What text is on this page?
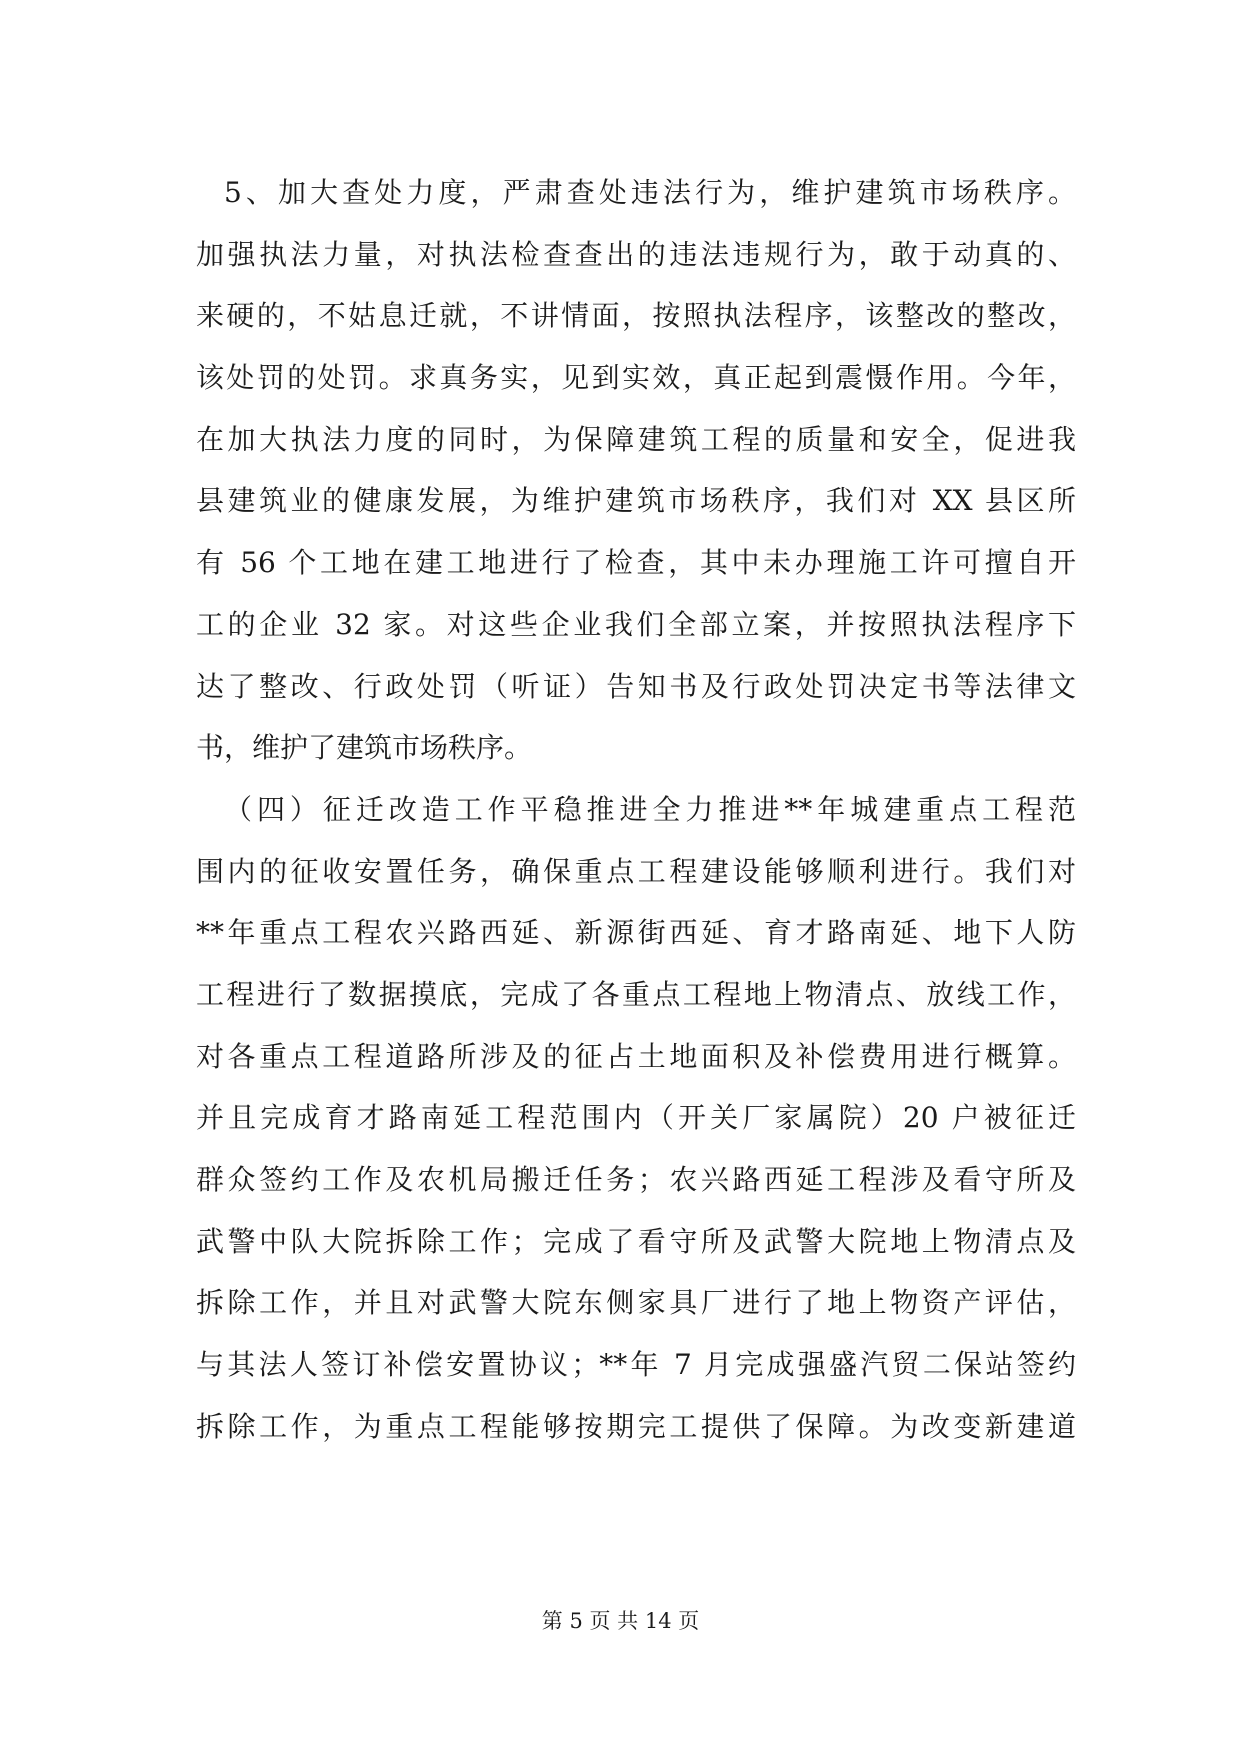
5、加大查处力度，严肃查处违法行为，维护建筑市场秩序。
加强执法力量，对执法检查查出的违法违规行为，敢于动真的、
来硬的，不姑息迁就，不讲情面，按照执法程序，该整改的整改，
该处罚的处罚。求真务实，见到实效，真正起到震慑作用。今年，
在加大执法力度的同时，为保障建筑工程的质量和安全，促进我
县建筑业的健康发展，为维护建筑市场秩序，我们对 XX 县区所
有 56 个工地在建工地进行了检查，其中未办理施工许可擅自开
工的企业 32 家。对这些企业我们全部立案，并按照执法程序下
达了整改、行政处罚（听证）告知书及行政处罚决定书等法律文
书，维护了建筑市场秩序。
（四）征迁改造工作平稳推进全力推进**年城建重点工程范
围内的征收安置任务，确保重点工程建设能够顺利进行。我们对
**年重点工程农兴路西延、新源街西延、育才路南延、地下人防
工程进行了数据摸底，完成了各重点工程地上物清点、放线工作，
对各重点工程道路所涉及的征占土地面积及补偿费用进行概算。
并且完成育才路南延工程范围内（开关厂家属院）20 户被征迁
群众签约工作及农机局搬迁任务；农兴路西延工程涉及看守所及
武警中队大院拆除工作；完成了看守所及武警大院地上物清点及
拆除工作，并且对武警大院东侧家具厂进行了地上物资产评估，
与其法人签订补偿安置协议；**年 7 月完成强盛汽贸二保站签约
拆除工作，为重点工程能够按期完工提供了保障。为改变新建道
第 5 页 共 14 页
